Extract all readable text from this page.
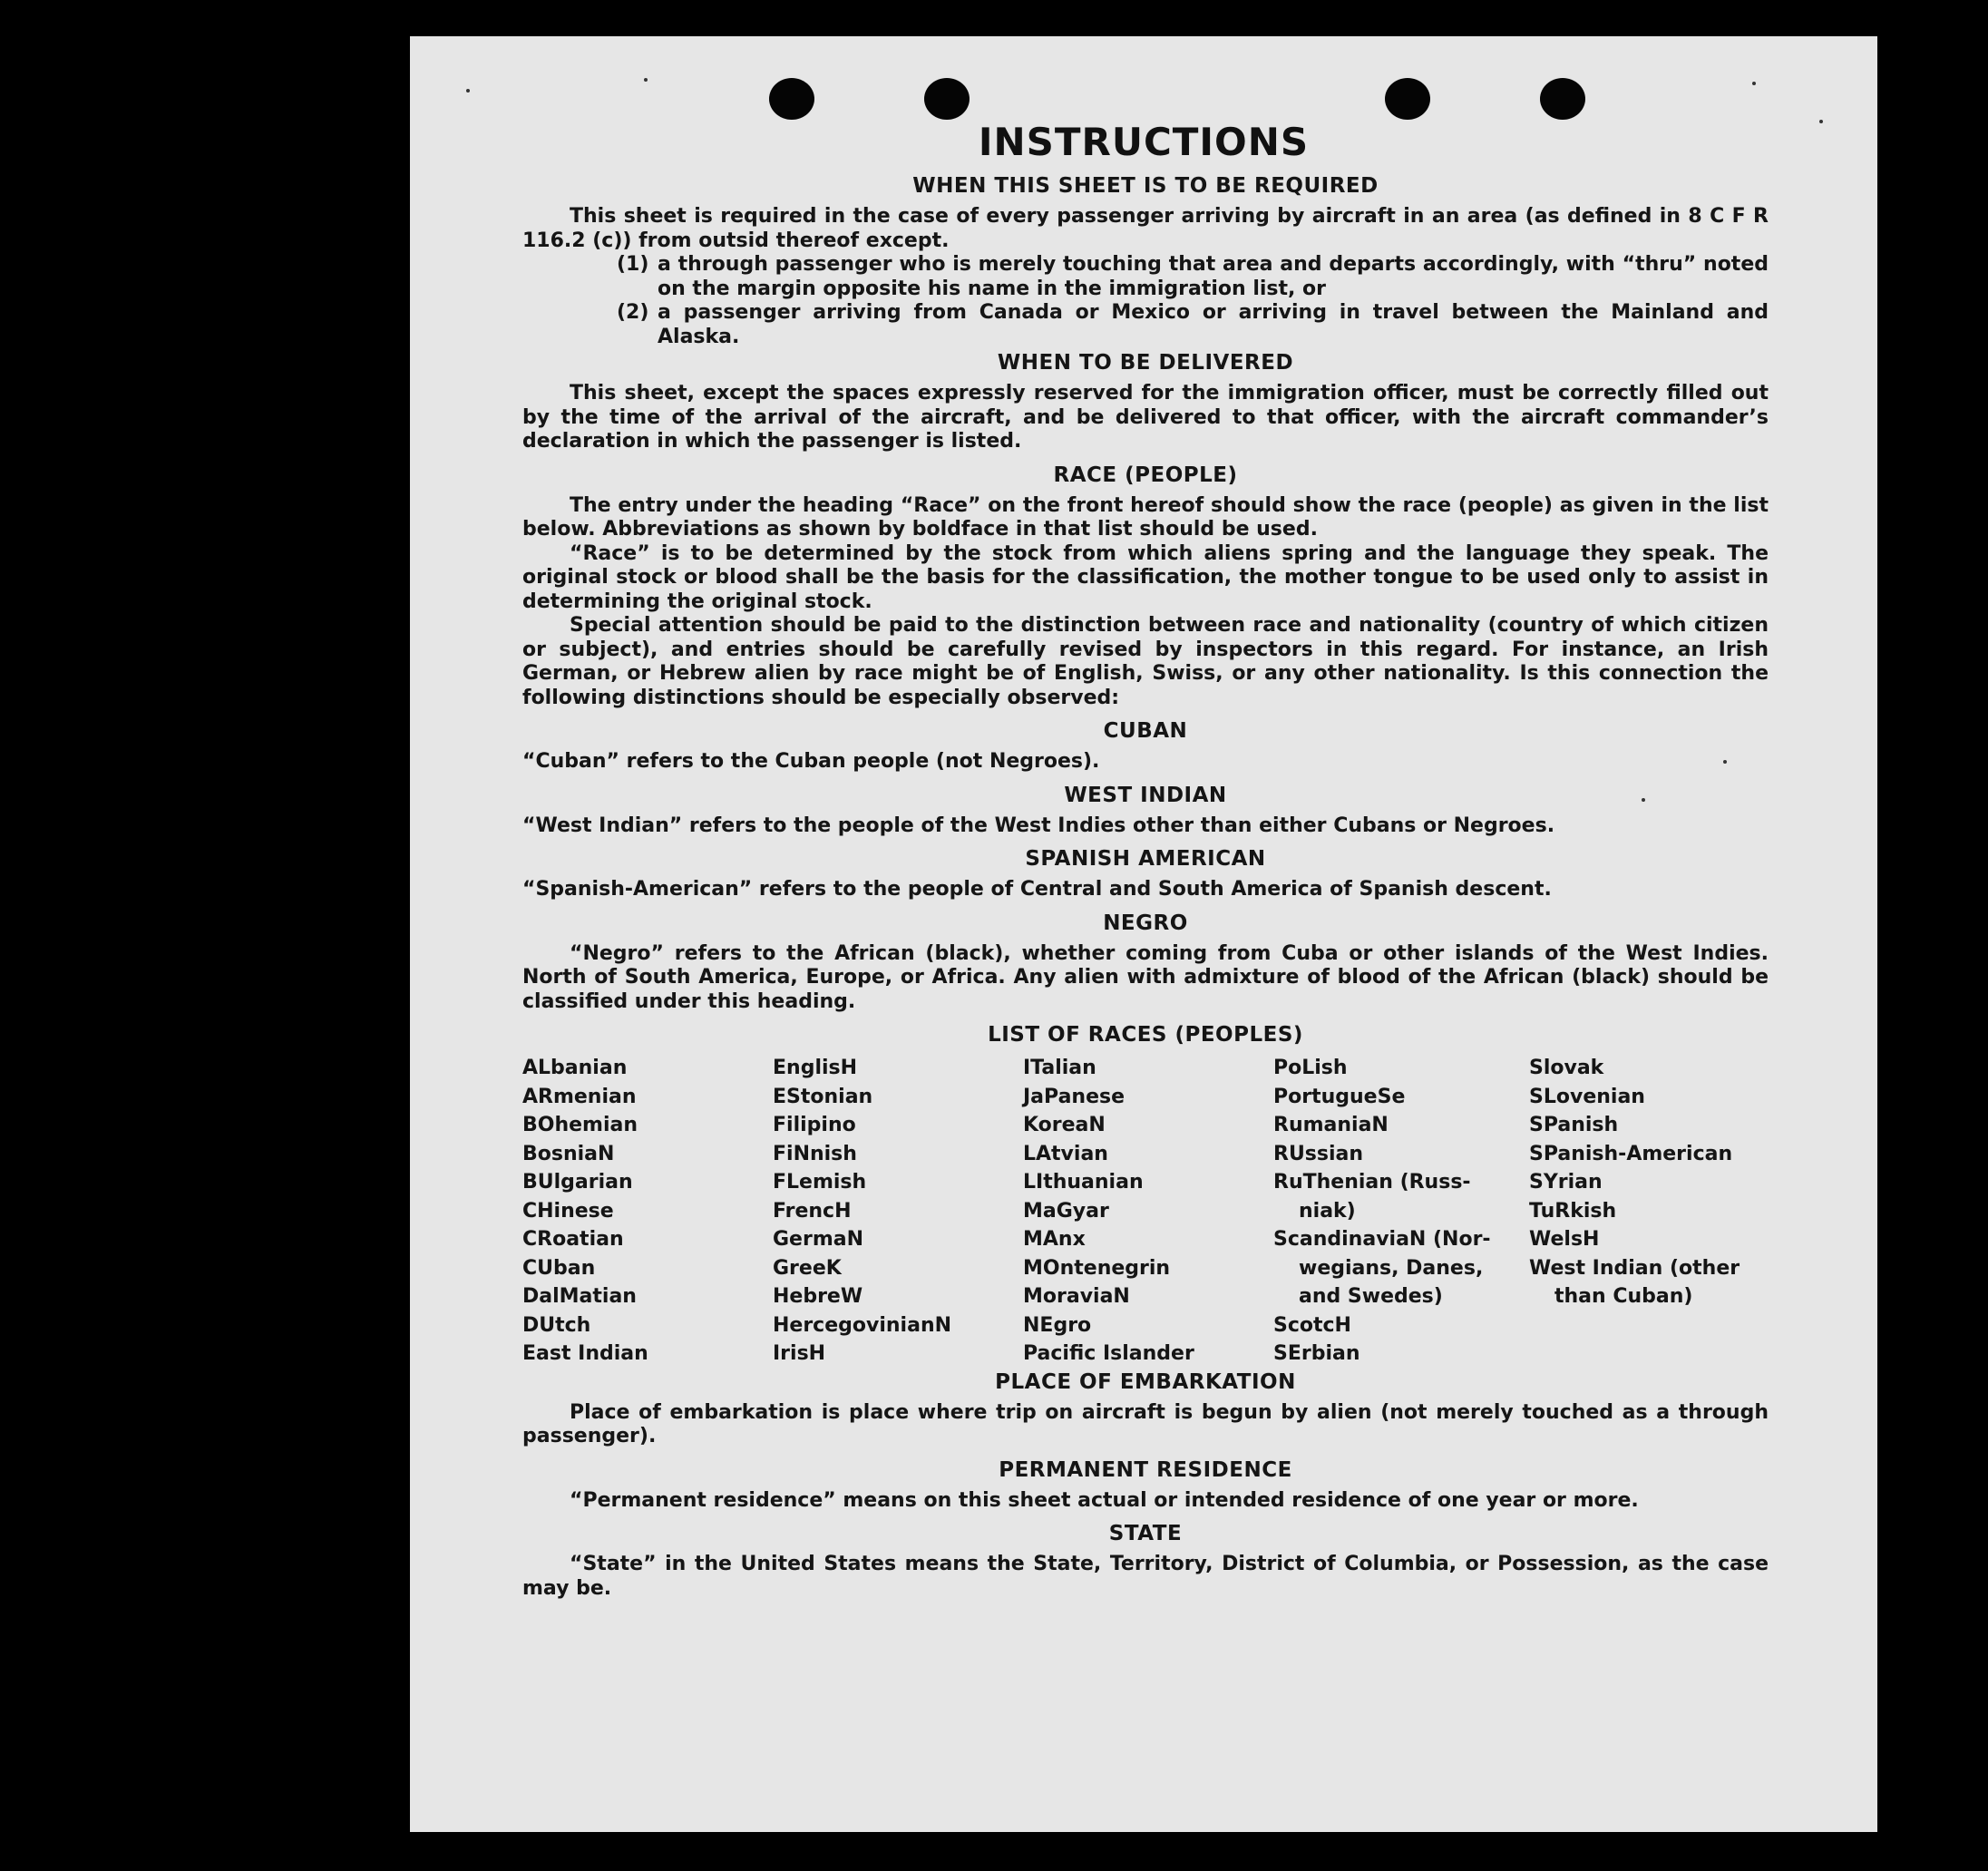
INSTRUCTIONS
WHEN THIS SHEET IS TO BE REQUIRED

This sheet is required in the case of every passenger arriving by aircraft in an area (as defined in 8 C F R 116.2 (c)) from outsid thereof except.

(1) a through passenger who is merely touching that area and departs accordingly, with “thru” noted on the margin opposite his name in the immigration list, or
(2) a passenger arriving from Canada or Mexico or arriving in travel between the Mainland and Alaska.
WHEN TO BE DELIVERED

This sheet, except the spaces expressly reserved for the immigration officer, must be correctly filled out by the time of the arrival of the aircraft, and be delivered to that officer, with the aircraft commander’s declaration in which the passenger is listed.

RACE (PEOPLE)

The entry under the heading “Race” on the front hereof should show the race (people) as given in the list below. Abbreviations as shown by boldface in that list should be used.

“Race” is to be determined by the stock from which aliens spring and the language they speak. The original stock or blood shall be the basis for the classification, the mother tongue to be used only to assist in determining the original stock.

Special attention should be paid to the distinction between race and nationality (country of which citizen or subject), and entries should be carefully revised by inspectors in this regard. For instance, an Irish German, or Hebrew alien by race might be of English, Swiss, or any other nationality. Is this connection the following distinctions should be especially observed:

CUBAN

“Cuban” refers to the Cuban people (not Negroes).

WEST INDIAN

“West Indian” refers to the people of the West Indies other than either Cubans or Negroes.

SPANISH AMERICAN

“Spanish-American” refers to the people of Central and South America of Spanish descent.

NEGRO

“Negro” refers to the African (black), whether coming from Cuba or other islands of the West Indies. North of South America, Europe, or Africa. Any alien with admixture of blood of the African (black) should be classified under this heading.

LIST OF RACES (PEOPLES)
ALbanian
ARmenian
BOhemian
BosniaN
BUlgarian
CHinese
CRoatian
CUban
DalMatian
DUtch
East Indian
EnglisH
EStonian
Filipino
FiNnish
FLemish
FrencH
GermaN
GreeK
HebreW
HercegovinianN
IrisH
ITalian
JaPanese
KoreaN
LAtvian
LIthuanian
MaGyar
MAnx
MOntenegrin
MoraviaN
NEgro
Pacific Islander
PoLish
PortugueSe
RumaniaN
RUssian
RuThenian (Russ-
niak)
ScandinaviaN (Nor-
wegians, Danes,
and Swedes)
ScotcH
SErbian
Slovak
SLovenian
SPanish
SPanish-American
SYrian
TuRkish
WelsH
West Indian (other
than Cuban)
PLACE OF EMBARKATION

Place of embarkation is place where trip on aircraft is begun by alien (not merely touched as a through passenger).

PERMANENT RESIDENCE

“Permanent residence” means on this sheet actual or intended residence of one year or more.

STATE

“State” in the United States means the State, Territory, District of Columbia, or Possession, as the case may be.
